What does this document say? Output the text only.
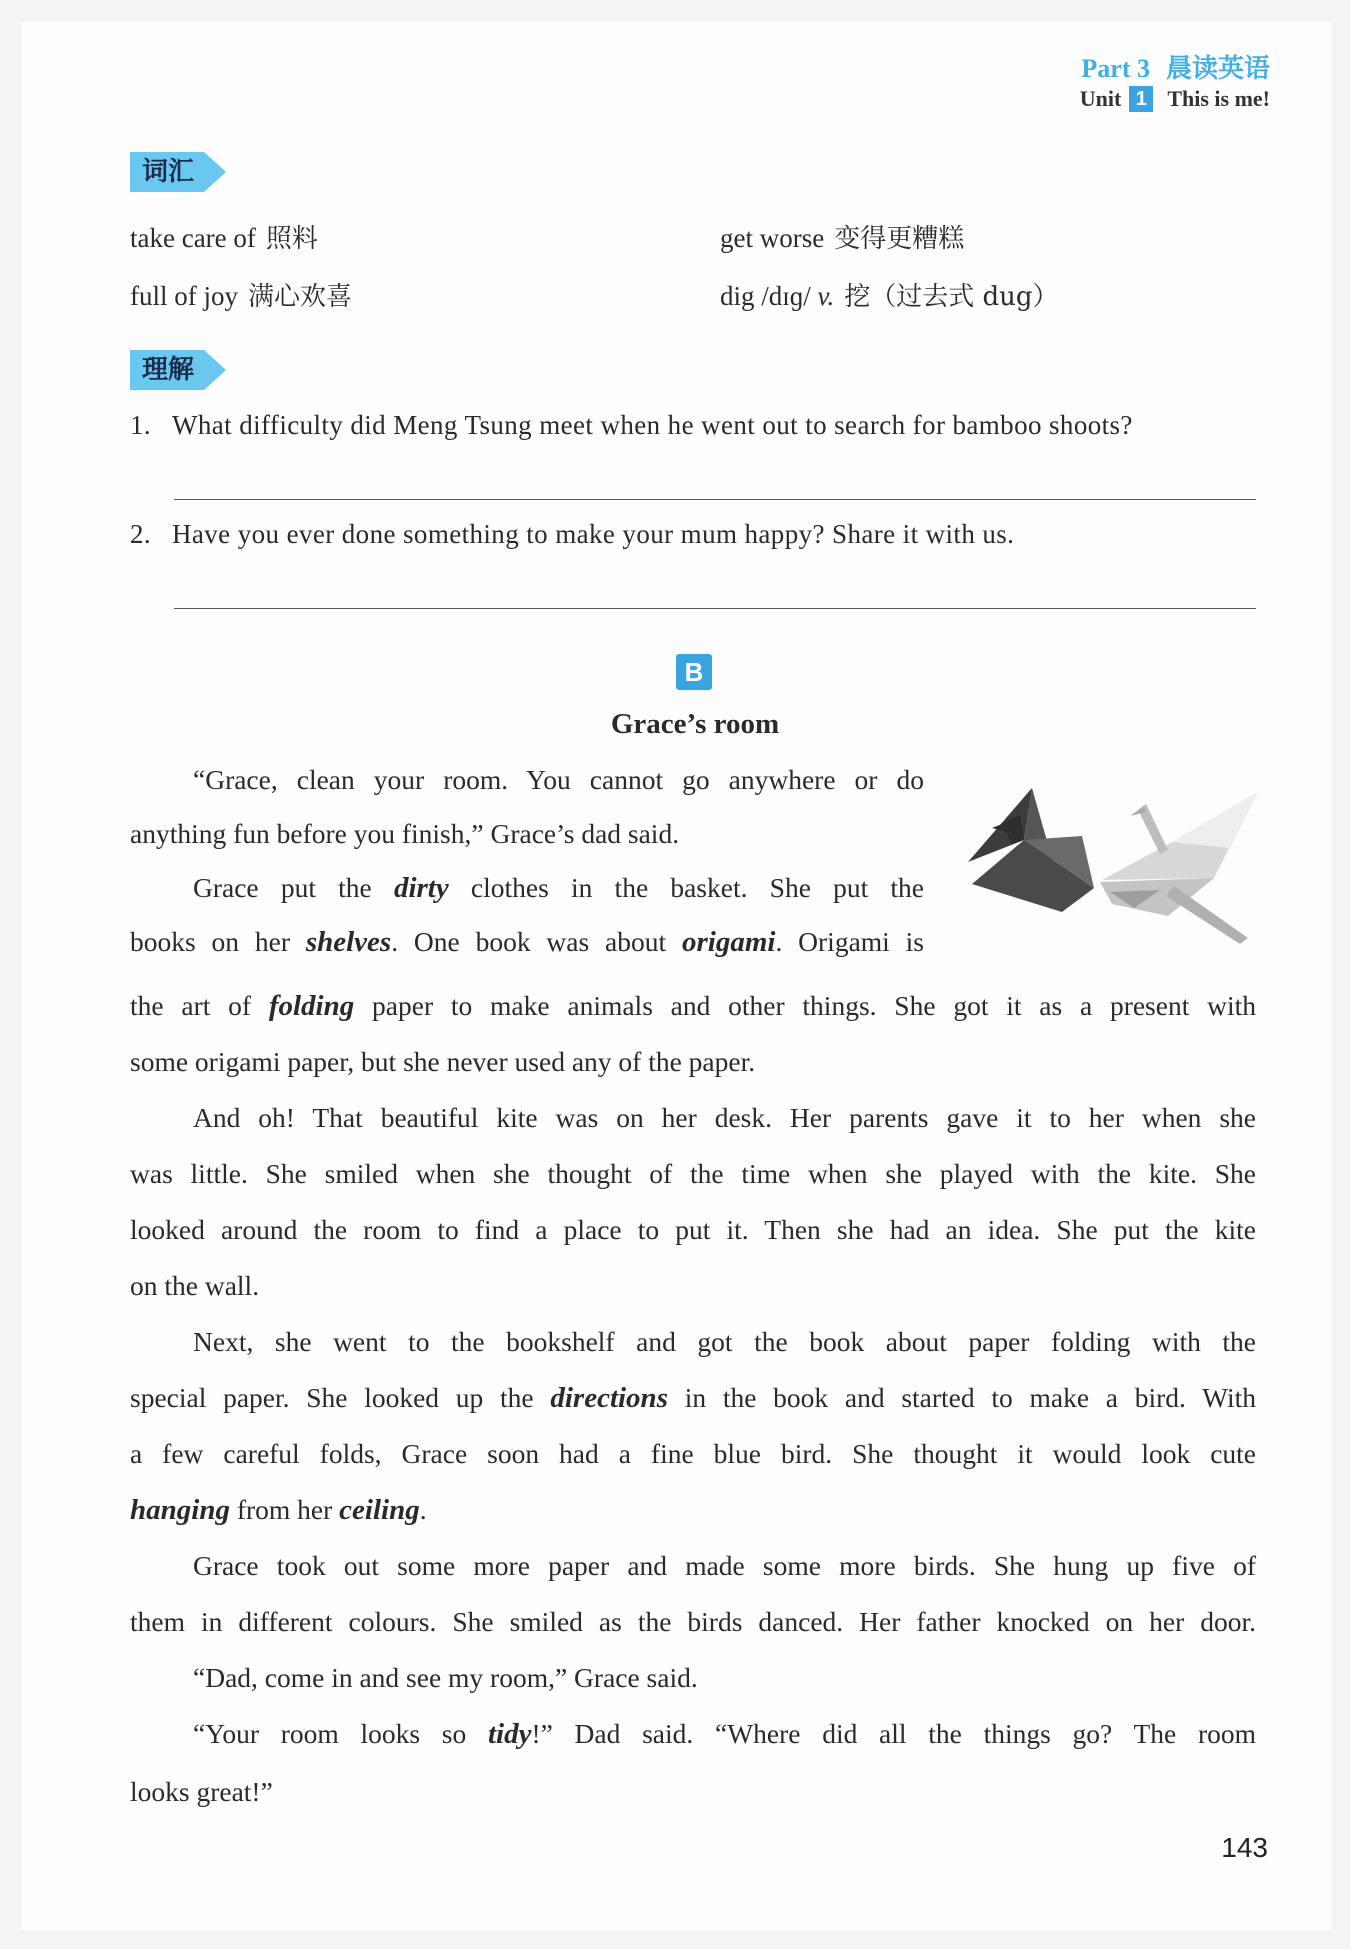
Part 3 晨读英语
Unit 1 This is me!
词汇
take care of 照料	get worse 变得更糟糕
full of joy 满心欢喜	dig /dɪɡ/ v. 挖（过去式 dug）
理解
1. What difficulty did Meng Tsung meet when he went out to search for bamboo shoots?
2. Have you ever done something to make your mum happy? Share it with us.
B
Grace’s room
“Grace, clean your room. You cannot go anywhere or do
anything fun before you finish,” Grace’s dad said.
Grace put the dirty clothes in the basket. She put the
books on her shelves. One book was about origami. Origami is
the art of folding paper to make animals and other things. She got it as a present with
some origami paper, but she never used any of the paper.
And oh! That beautiful kite was on her desk. Her parents gave it to her when she
was little. She smiled when she thought of the time when she played with the kite. She
looked around the room to find a place to put it. Then she had an idea. She put the kite
on the wall.
Next, she went to the bookshelf and got the book about paper folding with the
special paper. She looked up the directions in the book and started to make a bird. With
a few careful folds, Grace soon had a fine blue bird. She thought it would look cute
hanging from her ceiling.
Grace took out some more paper and made some more birds. She hung up five of
them in different colours. She smiled as the birds danced. Her father knocked on her door.
“Dad, come in and see my room,” Grace said.
“Your room looks so tidy!” Dad said. “Where did all the things go? The room
looks great!”
143
